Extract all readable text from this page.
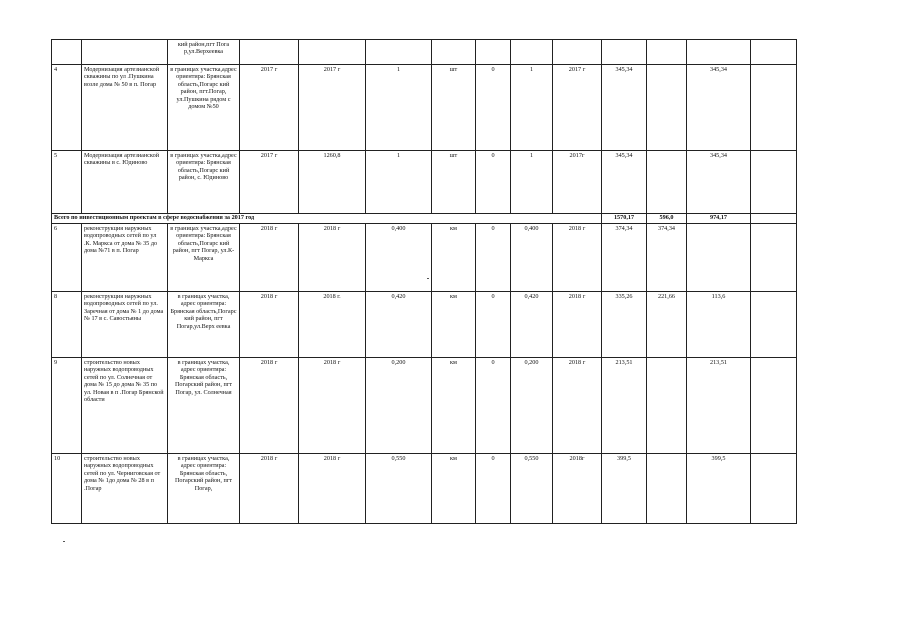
		кий район,пгт Пога р,ул.Верхеевка											
4	Модернизация артезианской скважины по ул .Пушкина возле дома № 50 в п. Погар	в границах участка,адрес ориентира: Брянская область,Погарс кий район, пгт.Погар, ул.Пушкина рядом с домом №50	2017 г	2017 г	1	шт	0	1	2017 г	345,34		345,34	
5	Модернизация артезианской скважины в с. Юдиново	в границах участка,адрес ориентира: Брянская область,Погарс кий район, с. Юдиново	2017 г	1260,8	1	шт	0	1	2017г	345,34		345,34	
Всего по инвестиционным проектам в сфере водоснабжения за 2017 год										1570,17	596,0	974,17	
6	реконструкция наружных водопроводных сетей по ул .К. Маркса от дома № 35 до дома №71 в п. Погар	в границах участка,адрес ориентира: Брянская область,Погарс кий район, пгт Погар, ул.К-Маркса	2018 г	2018 г	0,400	км	0	0,400	2018 г	374,34	374,34		
8	реконструкция наружных водопроводных сетей по ул. Заречная от дома № 1 до дома № 17 в с. Савостьяны	в границах участка, адрес ориентира: Брянская область,Погарс кий район, пгт Погар,ул.Верх еевка	2018 г	2018 г.	0,420	км	0	0,420	2018 г	335,26	221,66	113,6	
9	строительство новых наружных водопроводных сетей по ул. Солнечная от дома № 15 до дома № 35 по ул. Новая в п .Погар Брянской области	в границах участка, адрес ориентира: Брянская область, Погарский район, пгт Погар, ул. Солнечная	2018 г	2018 г	0,200	км	0	0,200	2018 г	213,51		213,51	
10	строительство новых наружных водопроводных сетей по ул. Черниговская от дома № 1до дома № 28 в п .Погар	в границах участка, адрес ориентира: Брянская область, Погарский район, пгт Погар,	2018 г	2018 г	0,550	км	0	0,550	2018г	399,5		399,5	
